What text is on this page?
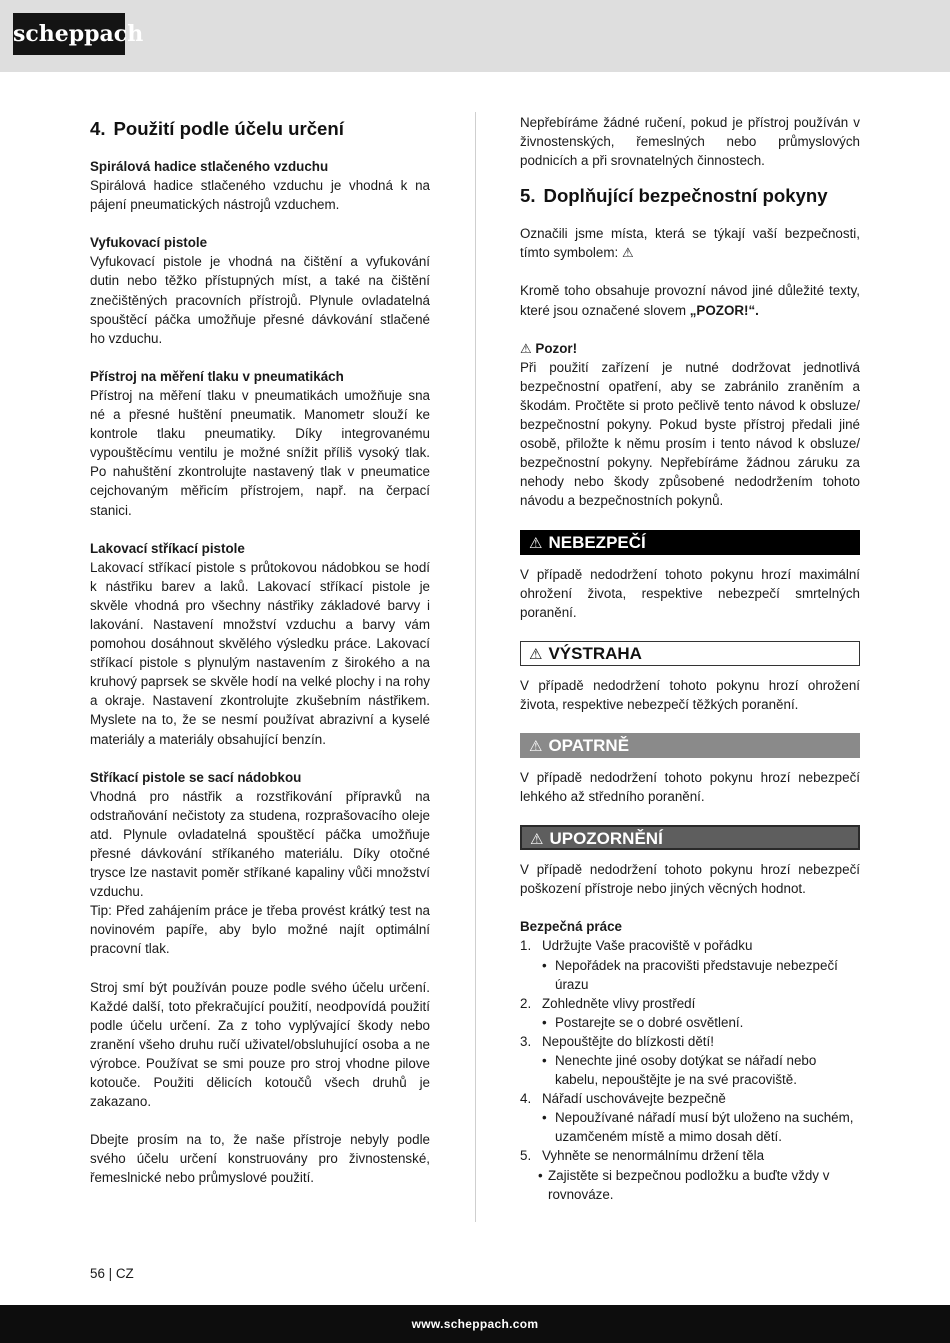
scheppach
4. Použití podle účelu určení

Spirálová hadice stlačeného vzduchu

Spirálová hadice stlačeného vzduchu je vhodná k na pájení pneumatických nástrojů vzduchem.

Vyfukovací pistole

Vyfukovací pistole je vhodná na čištění a vyfukování dutin nebo těžko přístupných míst, a také na čištění znečištěných pracovních přístrojů. Plynule ovladatelná spouštěcí páčka umožňuje přesné dávkování stlačené ho vzduchu.

Přístroj na měření tlaku v pneumatikách

Přístroj na měření tlaku v pneumatikách umožňuje sna né a přesné huštění pneumatik. Manometr slouží ke kontrole tlaku pneumatiky. Díky integrovanému vypouštěcímu ventilu je možné snížit příliš vysoký tlak. Po nahuštění zkontrolujte nastavený tlak v pneumatice cejchovaným měřicím přístrojem, např. na čerpací stanici.

Lakovací stříkací pistole

Lakovací stříkací pistole s průtokovou nádobkou se hodí k nástřiku barev a laků. Lakovací stříkací pistole je skvěle vhodná pro všechny nástřiky základové barvy i lakování. Nastavení množství vzduchu a barvy vám pomohou dosáhnout skvělého výsledku práce. Lakovací stříkací pistole s plynulým nastavením z širokého a na kruhový paprsek se skvěle hodí na velké plochy i na rohy a okraje. Nastavení zkontrolujte zkušebním nástřikem. Myslete na to, že se nesmí používat abrazivní a kyselé materiály a materiály obsahující benzín.

Stříkací pistole se sací nádobkou

Vhodná pro nástřik a rozstřikování přípravků na odstraňování nečistoty za studena, rozprašovacího oleje atd. Plynule ovladatelná spouštěcí páčka umožňuje přesné dávkování stříkaného materiálu. Díky otočné trysce lze nastavit poměr stříkané kapaliny vůči množství vzduchu.

Tip: Před zahájením práce je třeba provést krátký test na novinovém papíře, aby bylo možné najít optimální pracovní tlak.

Stroj smí být používán pouze podle svého účelu určení. Každé další, toto překračující použití, neodpovídá použití podle účelu určení. Za z toho vyplývající škody nebo zranění všeho druhu ručí uživatel/obsluhující osoba a ne výrobce. Používat se smi pouze pro stroj vhodne pilove kotouče. Použiti dělicích kotoučů všech druhů je zakazano.

Dbejte prosím na to, že naše přístroje nebyly podle svého účelu určení konstruovány pro živnostenské, řemeslnické nebo průmyslové použití.

Nepřebíráme žádné ručení, pokud je přístroj používán v živnostenských, řemeslných nebo průmyslových podnicích a při srovnatelných činnostech.

5. Doplňující bezpečnostní pokyny

Označili jsme místa, která se týkají vaší bezpečnosti, tímto symbolem: ⚠

Kromě toho obsahuje provozní návod jiné důležité texty, které jsou označené slovem „POZOR!“.

⚠ Pozor!

Při použití zařízení je nutné dodržovat jednotlivá bezpečnostní opatření, aby se zabránilo zraněním a škodám. Pročtěte si proto pečlivě tento návod k obsluze/ bezpečnostní pokyny. Pokud byste přístroj předali jiné osobě, přiložte k němu prosím i tento návod k obsluze/ bezpečnostní pokyny. Nepřebíráme žádnou záruku za nehody nebo škody způsobené nedodržením tohoto návodu a bezpečnostních pokynů.

⚠ NEBEZPEČÍ

V případě nedodržení tohoto pokynu hrozí maximální ohrožení života, respektive nebezpečí smrtelných poranění.

⚠ VÝSTRAHA

V případě nedodržení tohoto pokynu hrozí ohrožení života, respektive nebezpečí těžkých poranění.

⚠ OPATRNĚ

V případě nedodržení tohoto pokynu hrozí nebezpečí lehkého až středního poranění.

⚠ UPOZORNĚNÍ

V případě nedodržení tohoto pokynu hrozí nebezpečí poškození přístroje nebo jiných věcných hodnot.

Bezpečná práce

1. Udržujte Vaše pracoviště v pořádku
• Nepořádek na pracovišti představuje nebezpečí úrazu
2. Zohledněte vlivy prostředí
• Postarejte se o dobré osvětlení.
3. Nepouštějte do blízkosti dětí!
• Nenechte jiné osoby dotýkat se nářadí nebo kabelu, nepouštějte je na své pracoviště.
4. Nářadí uschovávejte bezpečně
• Nepoužívané nářadí musí být uloženo na suchém, uzamčeném místě a mimo dosah dětí.
5. Vyhněte se nenormálnímu držení těla
• Zajistěte si bezpečnou podložku a buďte vždy v rovnováze.
56 | CZ
www.scheppach.com
